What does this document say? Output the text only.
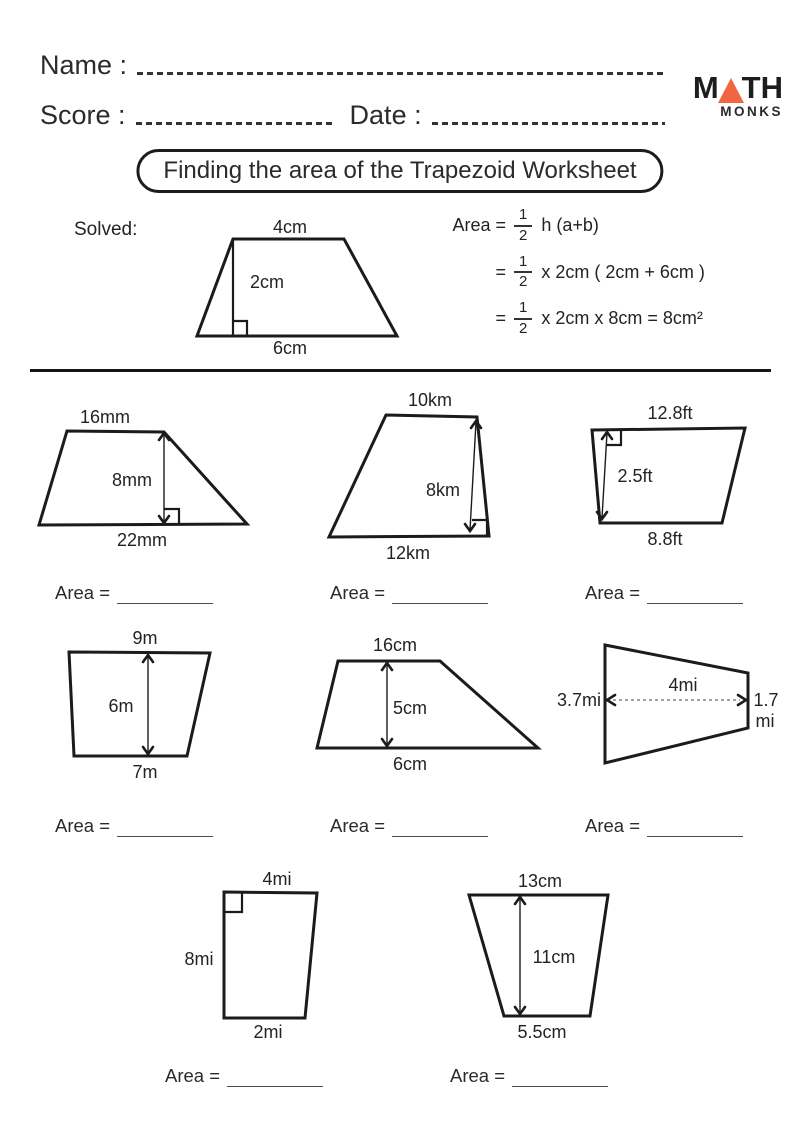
Name :
Score :	Date :
M TH
MONKS
Finding the area of the Trapezoid Worksheet
Solved:	4cm
2cm
6cm
Area = $\frac{1}{2}$ h (a+b)
= $\frac{1}{2}$ x 2cm ( 2cm + 6cm )
= $\frac{1}{2}$ x 2cm x 8cm = 8cm²
16mm
8mm
22mm
10km
8km
12km
12.8ft
2.5ft
8.8ft
Area =	Area =	Area =
9m
6m
7m
16cm
5cm
6cm
4mi
3.7mi	1.7
mi
Area =	Area =	Area =
4mi
8mi
2mi
13cm
11cm
5.5cm
Area =	Area =
